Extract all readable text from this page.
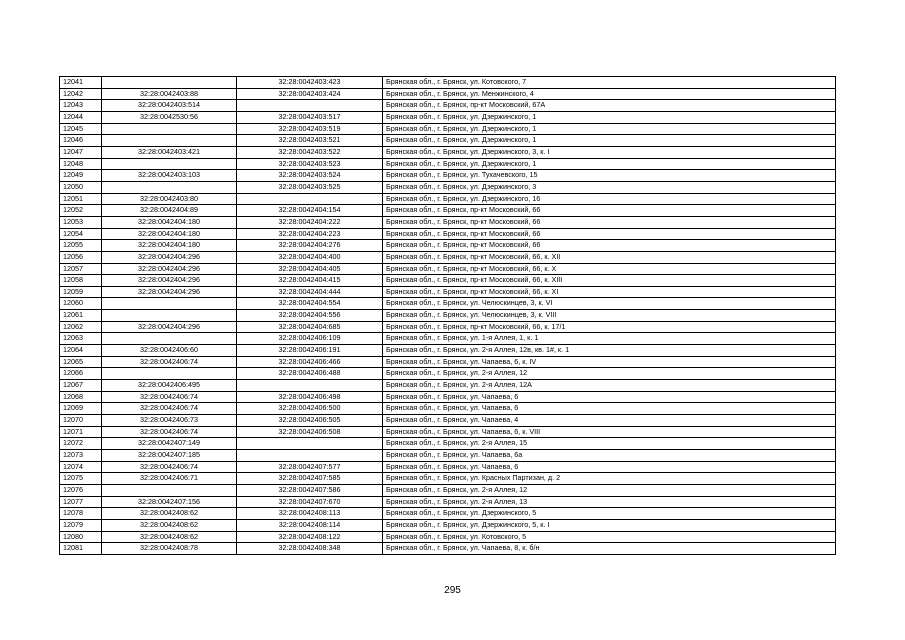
12041		32:28:0042403:423	Брянская обл., г. Брянск, ул. Котовского, 7
12042	32:28:0042403:88	32:28:0042403:424	Брянская обл., г. Брянск, ул. Менжинского, 4
12043	32:28:0042403:514		Брянская обл., г. Брянск, пр-кт Московский, 67А
12044	32:28:0042530:56	32:28:0042403:517	Брянская обл., г. Брянск, ул. Дзержинского, 1
12045		32:28:0042403:519	Брянская обл., г. Брянск, ул. Дзержинского, 1
12046		32:28:0042403:521	Брянская обл., г. Брянск, ул. Дзержинского, 1
12047	32:28:0042403:421	32:28:0042403:522	Брянская обл., г. Брянск, ул. Дзержинского, 3, к. I
12048		32:28:0042403:523	Брянская обл., г. Брянск, ул. Дзержинского, 1
12049	32:28:0042403:103	32:28:0042403:524	Брянская обл., г. Брянск, ул. Тухачевского, 15
12050		32:28:0042403:525	Брянская обл., г. Брянск, ул. Дзержинского, 3
12051	32:28:0042403:80		Брянская обл., г. Брянск, ул. Дзержинского, 16
12052	32:28:0042404:89	32:28:0042404:154	Брянская обл., г. Брянск, пр-кт Московский, 66
12053	32:28:0042404:180	32:28:0042404:222	Брянская обл., г. Брянск, пр-кт Московский, 66
12054	32:28:0042404:180	32:28:0042404:223	Брянская обл., г. Брянск, пр-кт Московский, 66
12055	32:28:0042404:180	32:28:0042404:276	Брянская обл., г. Брянск, пр-кт Московский, 66
12056	32:28:0042404:296	32:28:0042404:400	Брянская обл., г. Брянск, пр-кт Московский, 66, к. XII
12057	32:28:0042404:296	32:28:0042404:405	Брянская обл., г. Брянск, пр-кт Московский, 66, к. X
12058	32:28:0042404:296	32:28:0042404:415	Брянская обл., г. Брянск, пр-кт Московский, 66, к. XIII
12059	32:28:0042404:296	32:28:0042404:444	Брянская обл., г. Брянск, пр-кт Московский, 66, к. XI
12060		32:28:0042404:554	Брянская обл., г. Брянск, ул. Челюскинцев, 3, к. VI
12061		32:28:0042404:556	Брянская обл., г. Брянск, ул. Челюскинцев, 3, к. VIII
12062	32:28:0042404:296	32:28:0042404:685	Брянская обл., г. Брянск, пр-кт Московский, 66, к. 17/1
12063		32:28:0042406:109	Брянская обл., г. Брянск, ул. 1-я Аллея, 1, к. 1
12064	32:28:0042406:60	32:28:0042406:191	Брянская обл., г. Брянск, ул. 2-я Аллея, 12в, кв. 1#, к. 1
12065	32:28:0042406:74	32:28:0042406:466	Брянская обл., г. Брянск, ул. Чапаева, 6, к. IV
12066		32:28:0042406:488	Брянская обл., г. Брянск, ул. 2-я Аллея, 12
12067	32:28:0042406:495		Брянская обл., г. Брянск, ул. 2-я Аллея, 12А
12068	32:28:0042406:74	32:28:0042406:498	Брянская обл., г. Брянск, ул. Чапаева, 6
12069	32:28:0042406:74	32:28:0042406:500	Брянская обл., г. Брянск, ул. Чапаева, 6
12070	32:28:0042406:73	32:28:0042406:505	Брянская обл., г. Брянск, ул. Чапаева, 4
12071	32:28:0042406:74	32:28:0042406:508	Брянская обл., г. Брянск, ул. Чапаева, 6, к. VIII
12072	32:28:0042407:149		Брянская обл., г. Брянск, ул. 2-я Аллея, 15
12073	32:28:0042407:185		Брянская обл., г. Брянск, ул. Чапаева, 6а
12074	32:28:0042406:74	32:28:0042407:577	Брянская обл., г. Брянск, ул. Чапаева, 6
12075	32:28:0042406:71	32:28:0042407:585	Брянская обл., г. Брянск, ул. Красных Партизан, д. 2
12076		32:28:0042407:586	Брянская обл., г. Брянск, ул. 2-я Аллея, 12
12077	32:28:0042407:156	32:28:0042407:670	Брянская обл., г. Брянск, ул. 2-я Аллея, 13
12078	32:28:0042408:62	32:28:0042408:113	Брянская обл., г. Брянск, ул. Дзержинского, 5
12079	32:28:0042408:62	32:28:0042408:114	Брянская обл., г. Брянск, ул. Дзержинского, 5, к. I
12080	32:28:0042408:62	32:28:0042408:122	Брянская обл., г. Брянск, ул. Котовского, 5
12081	32:28:0042408:78	32:28:0042408:348	Брянская обл., г. Брянск, ул. Чапаева, 8, к. б/н
295
